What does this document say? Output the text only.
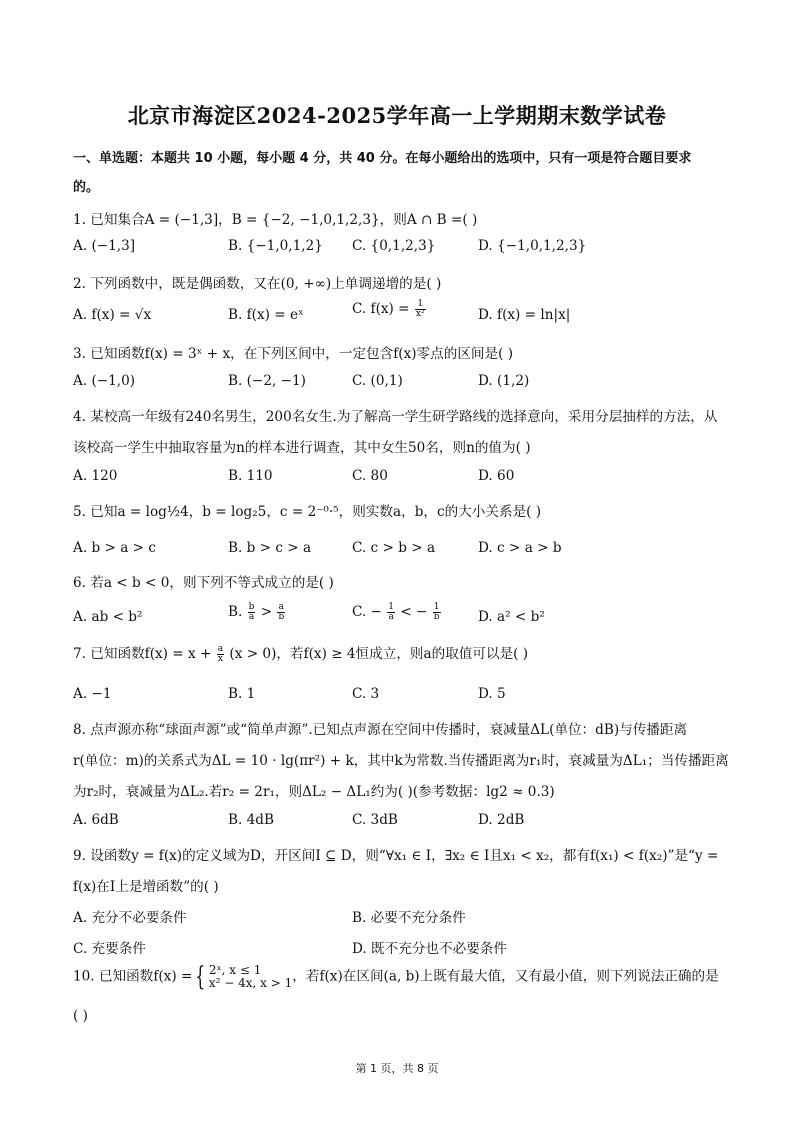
北京市海淀区2024-2025学年高一上学期期末数学试卷
一、单选题：本题共 10 小题，每小题 4 分，共 40 分。在每小题给出的选项中，只有一项是符合题目要求
的。
1. 已知集合A = (−1,3]，B = {−2, −1,0,1,2,3}，则A ∩ B =( )
A. (−1,3]	B. {−1,0,1,2} C. {0,1,2,3}	D. {−1,0,1,2,3}
2. 下列函数中，既是偶函数，又在(0, +∞)上单调递增的是( )
A. f(x) = √x	B. f(x) = eˣ	C. $f(x) = \frac{1}{\text{x²}}$	D. f(x) = ln|x|
3. 已知函数f(x) = 3ˣ + x，在下列区间中，一定包含f(x)零点的区间是( )
A. (−1,0)	B. (−2, −1)	C. (0,1)	D. (1,2)
4. 某校高一年级有240名男生，200名女生.为了解高一学生研学路线的选择意向，采用分层抽样的方法，从
该校高一学生中抽取容量为n的样本进行调查，其中女生50名，则n的值为( )
A. 120	B. 110	C. 80	D. 60
5. 已知a = log½4，b = log₂5，c = 2⁻⁰·⁵，则实数a，b，c的大小关系是( )
A. b > a > c	B. b > c > a	C. c > b > a	D. c > a > b
6. 若a < b < 0，则下列不等式成立的是( )
A. ab < b²	B. $\frac{b}{a} > \frac{a}{b}$	C. − $\frac{1}{a}$ < − $\frac{1}{b}$	D. a² < b²
7. 已知函数$f(x) = x + \frac{a}{x} (x > 0)$，若f(x) ≥ 4恒成立，则a的取值可以是( )
A. −1	B. 1	C. 3	D. 5
8. 点声源亦称“球面声源”或“简单声源”.已知点声源在空间中传播时，衰减量ΔL(单位：dB)与传播距离
r(单位：m)的关系式为ΔL = 10 · lg(πr²) + k，其中k为常数.当传播距离为r₁时，衰减量为ΔL₁；当传播距离
为r₂时，衰减量为ΔL₂.若r₂ = 2r₁，则ΔL₂ − ΔL₁约为( )(参考数据：lg2 ≈ 0.3)
A. 6dB	B. 4dB	C. 3dB	D. 2dB
9. 设函数y = f(x)的定义域为D，开区间I ⊆ D，则“∀x₁ ∈ I，∃x₂ ∈ I且x₁ < x₂，都有f(x₁) < f(x₂)”是“y =
f(x)在I上是增函数”的( )
A. 充分不必要条件	B. 必要不充分条件
C. 充要条件	D. 既不充分也不必要条件
10. 已知函数f(x) = { 2ˣ, x ≤ 1
x² − 4x, x > 1 ，若f(x)在区间(a, b)上既有最大值，又有最小值，则下列说法正确的是
( )
第 1 页，共 8 页
